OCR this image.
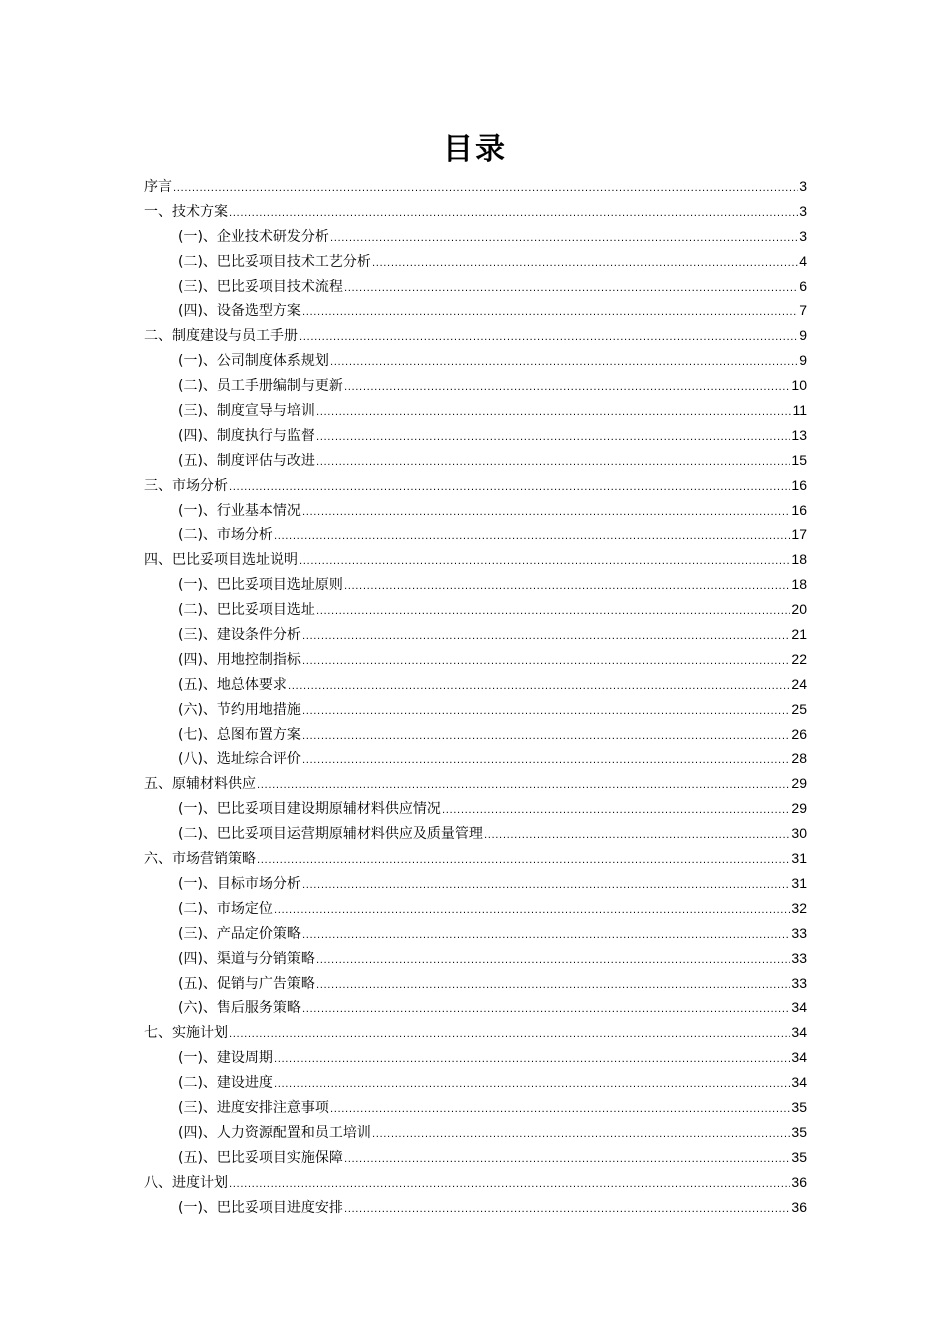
目录
序言 .....	3
一、技术方案 .....	3
(一)、企业技术研发分析 .....	3
(二)、巴比妥项目技术工艺分析 .....	4
(三)、巴比妥项目技术流程 .....	6
(四)、设备选型方案 .....	7
二、制度建设与员工手册 .....	9
(一)、公司制度体系规划 .....	9
(二)、员工手册编制与更新 .....	10
(三)、制度宣导与培训 .....	11
(四)、制度执行与监督 .....	13
(五)、制度评估与改进 .....	15
三、市场分析 .....	16
(一)、行业基本情况 .....	16
(二)、市场分析 .....	17
四、巴比妥项目选址说明 .....	18
(一)、巴比妥项目选址原则 .....	18
(二)、巴比妥项目选址 .....	20
(三)、建设条件分析 .....	21
(四)、用地控制指标 .....	22
(五)、地总体要求 .....	24
(六)、节约用地措施 .....	25
(七)、总图布置方案 .....	26
(八)、选址综合评价 .....	28
五、原辅材料供应 .....	29
(一)、巴比妥项目建设期原辅材料供应情况 .....	29
(二)、巴比妥项目运营期原辅材料供应及质量管理 .....	30
六、市场营销策略 .....	31
(一)、目标市场分析 .....	31
(二)、市场定位 .....	32
(三)、产品定价策略 .....	33
(四)、渠道与分销策略 .....	33
(五)、促销与广告策略 .....	33
(六)、售后服务策略 .....	34
七、实施计划 .....	34
(一)、建设周期 .....	34
(二)、建设进度 .....	34
(三)、进度安排注意事项 .....	35
(四)、人力资源配置和员工培训 .....	35
(五)、巴比妥项目实施保障 .....	35
八、进度计划 .....	36
(一)、巴比妥项目进度安排 .....	36
